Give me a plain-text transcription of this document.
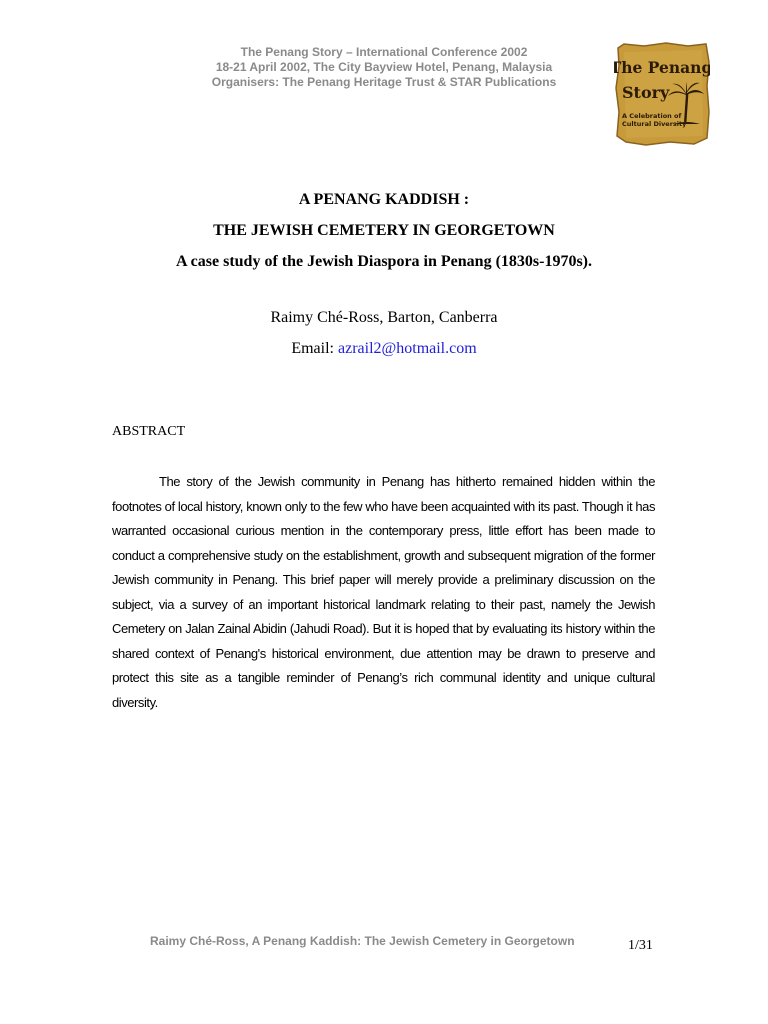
The Penang Story – International Conference 2002
18-21 April 2002, The City Bayview Hotel, Penang, Malaysia
Organisers: The Penang Heritage Trust & STAR Publications
The Penang
Story
A Celebration of
Cultural Diversity
A PENANG KADDISH :
THE JEWISH CEMETERY IN GEORGETOWN
A case study of the Jewish Diaspora in Penang (1830s-1970s).
Raimy Ché-Ross, Barton, Canberra
Email: azrail2@hotmail.com
ABSTRACT

The story of the Jewish community in Penang has hitherto remained hidden within the footnotes of local history, known only to the few who have been acquainted with its past. Though it has warranted occasional curious mention in the contemporary press, little effort has been made to conduct a comprehensive study on the establishment, growth and subsequent migration of the former Jewish community in Penang. This brief paper will merely provide a preliminary discussion on the subject, via a survey of an important historical landmark relating to their past, namely the Jewish Cemetery on Jalan Zainal Abidin (Jahudi Road). But it is hoped that by evaluating its history within the shared context of Penang's historical environment, due attention may be drawn to preserve and protect this site as a tangible reminder of Penang’s rich communal identity and unique cultural diversity.

Raimy Ché-Ross, A Penang Kaddish: The Jewish Cemetery in Georgetown	1/31
